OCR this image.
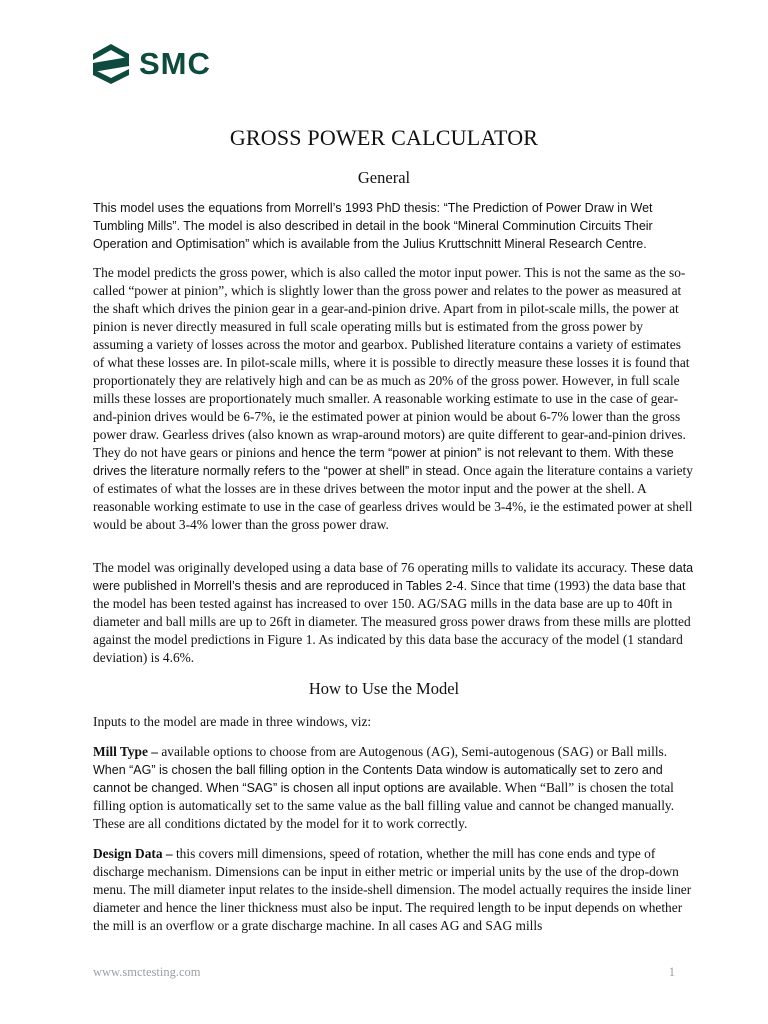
SMC
GROSS POWER CALCULATOR
General

This model uses the equations from Morrell’s 1993 PhD thesis: “The Prediction of Power Draw in Wet Tumbling Mills”. The model is also described in detail in the book “Mineral Comminution Circuits Their Operation and Optimisation” which is available from the Julius Kruttschnitt Mineral Research Centre.

The model predicts the gross power, which is also called the motor input power. This is not the same as the so-called “power at pinion”, which is slightly lower than the gross power and relates to the power as measured at the shaft which drives the pinion gear in a gear-and-pinion drive. Apart from in pilot-scale mills, the power at pinion is never directly measured in full scale operating mills but is estimated from the gross power by assuming a variety of losses across the motor and gearbox. Published literature contains a variety of estimates of what these losses are. In pilot-scale mills, where it is possible to directly measure these losses it is found that proportionately they are relatively high and can be as much as 20% of the gross power. However, in full scale mills these losses are proportionately much smaller. A reasonable working estimate to use in the case of gear-and-pinion drives would be 6-7%, ie the estimated power at pinion would be about 6-7% lower than the gross power draw. Gearless drives (also known as wrap-around motors) are quite different to gear-and-pinion drives. They do not have gears or pinions and hence the term “power at pinion” is not relevant to them. With these drives the literature normally refers to the “power at shell” in stead. Once again the literature contains a variety of estimates of what the losses are in these drives between the motor input and the power at the shell. A reasonable working estimate to use in the case of gearless drives would be 3-4%, ie the estimated power at shell would be about 3-4% lower than the gross power draw.

The model was originally developed using a data base of 76 operating mills to validate its accuracy. These data were published in Morrell’s thesis and are reproduced in Tables 2-4. Since that time (1993) the data base that the model has been tested against has increased to over 150. AG/SAG mills in the data base are up to 40ft in diameter and ball mills are up to 26ft in diameter. The measured gross power draws from these mills are plotted against the model predictions in Figure 1. As indicated by this data base the accuracy of the model (1 standard deviation) is 4.6%.

How to Use the Model

Inputs to the model are made in three windows, viz:

Mill Type – available options to choose from are Autogenous (AG), Semi-autogenous (SAG) or Ball mills. When “AG” is chosen the ball filling option in the Contents Data window is automatically set to zero and cannot be changed. When “SAG” is chosen all input options are available. When “Ball” is chosen the total filling option is automatically set to the same value as the ball filling value and cannot be changed manually. These are all conditions dictated by the model for it to work correctly.

Design Data – this covers mill dimensions, speed of rotation, whether the mill has cone ends and type of discharge mechanism. Dimensions can be input in either metric or imperial units by the use of the drop-down menu. The mill diameter input relates to the inside-shell dimension. The model actually requires the inside liner diameter and hence the liner thickness must also be input. The required length to be input depends on whether the mill is an overflow or a grate discharge machine. In all cases AG and SAG mills

www.smctesting.com	1
